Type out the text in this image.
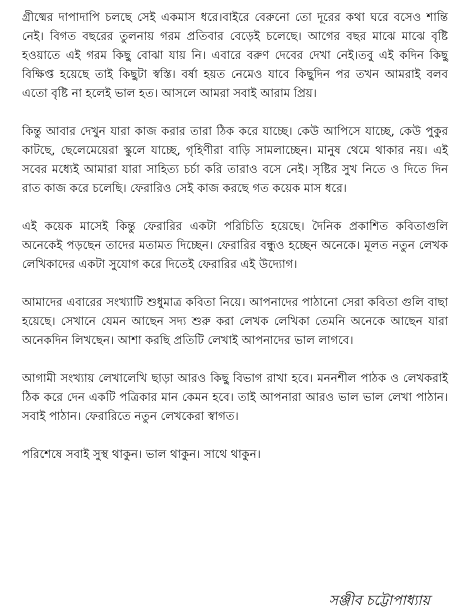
গ্রীষ্মের দাপাদাপি চলছে সেই একমাস ধরে।বাইরে বেরুনো তো দূরের কথা ঘরে বসেও শান্তি নেই। বিগত বছরের তুলনায় গরম প্রতিবার বেড়েই চলেছে। আগের বছর মাঝে মাঝে বৃষ্টি হওয়াতে এই গরম কিছু বোঝা যায় নি। এবারে বরুণ দেবের দেখা নেই।তবু এই কদিন কিছু বিক্ষিপ্ত হয়েছে তাই কিছুটা স্বস্তি। বর্ষা হয়ত নেমেও যাবে কিছুদিন পর তখন আমরাই বলব এতো বৃষ্টি না হলেই ভাল হত। আসলে আমরা সবাই আরাম প্রিয়।

কিন্তু আবার দেখুন যারা কাজ করার তারা ঠিক করে যাচ্ছে। কেউ আপিসে যাচ্ছে, কেউ পুকুর কাটছে, ছেলেমেয়েরা স্কুলে যাচ্ছে, গৃহিণীরা বাড়ি সামলাচ্ছেন। মানুষ থেমে থাকার নয়। এই সবের মধ্যেই আমারা যারা সাহিত্য চর্চা করি তারাও বসে নেই। সৃষ্টির সুখ নিতে ও দিতে দিন রাত কাজ করে চলেছি। ফেরারিও সেই কাজ করছে গত কয়েক মাস ধরে।

এই কয়েক মাসেই কিন্তু ফেরারির একটা পরিচিতি হয়েছে। দৈনিক প্রকাশিত কবিতাগুলি অনেকেই পড়ছেন তাদের মতামত দিচ্ছেন। ফেরারির বন্ধুও হচ্ছেন অনেকে। মূলত নতুন লেখক লেখিকাদের একটা সুযোগ করে দিতেই ফেরারির এই উদ্যোগ।

আমাদের এবারের সংখ্যাটি শুধুমাত্র কবিতা নিয়ে। আপনাদের পাঠানো সেরা কবিতা গুলি বাছা হয়েছে। সেখানে যেমন আছেন সদ্য শুরু করা লেখক লেখিকা তেমনি অনেকে আছেন যারা অনেকদিন লিখছেন। আশা করছি প্রতিটি লেখাই আপনাদের ভাল লাগবে।

আগামী সংখ্যায় লেখালেখি ছাড়া আরও কিছু বিভাগ রাখা হবে। মননশীল পাঠক ও লেখকরাই ঠিক করে দেন একটি পত্রিকার মান কেমন হবে। তাই আপনারা আরও ভাল ভাল লেখা পাঠান। সবাই পাঠান। ফেরারিতে নতুন লেখকেরা স্বাগত।

পরিশেষে সবাই সুস্থ থাকুন। ভাল থাকুন। সাথে থাকুন।

সঞ্জীব চট্টোপাধ্যায়
